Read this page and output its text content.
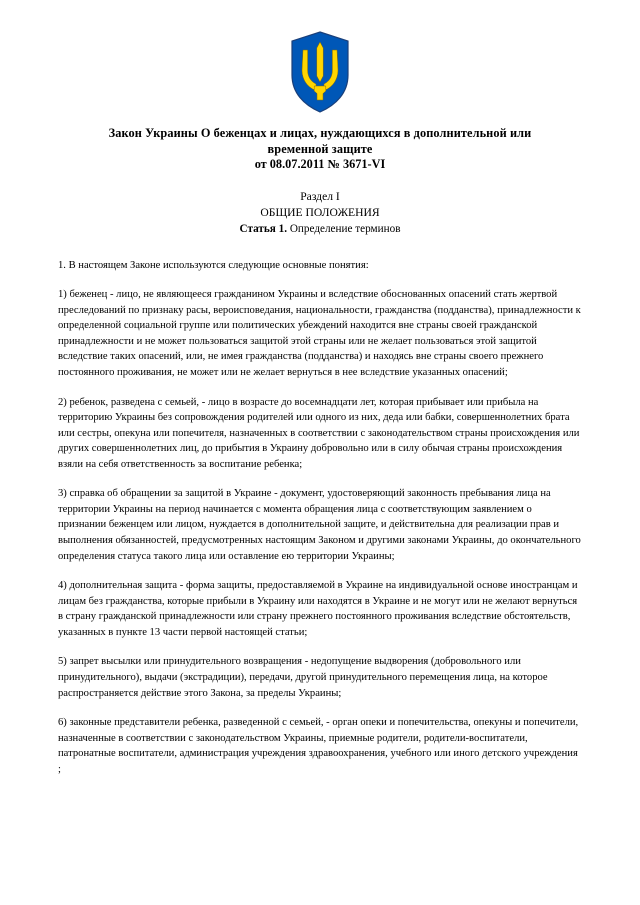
Закон Украины О беженцах и лицах, нуждающихся в дополнительной или
временной защите
от 08.07.2011 № 3671-VI
Раздел I
ОБЩИЕ ПОЛОЖЕНИЯ
Статья 1. Определение терминов

1. В настоящем Законе используются следующие основные понятия:

1) беженец - лицо, не являющееся гражданином Украины и вследствие обоснованных опасений стать жертвой преследований по признаку расы, вероисповедания, национальности, гражданства (подданства), принадлежности к определенной социальной группе или политических убеждений находится вне страны своей гражданской принадлежности и не может пользоваться защитой этой страны или не желает пользоваться этой защитой вследствие таких опасений, или, не имея гражданства (подданства) и находясь вне страны своего прежнего постоянного проживания, не может или не желает вернуться в нее вследствие указанных опасений;

2) ребенок, разведена с семьей, - лицо в возрасте до восемнадцати лет, которая прибывает или прибыла на территорию Украины без сопровождения родителей или одного из них, деда или бабки, совершеннолетних брата или сестры, опекуна или попечителя, назначенных в соответствии с законодательством страны происхождения или других совершеннолетних лиц, до прибытия в Украину добровольно или в силу обычая страны происхождения взяли на себя ответственность за воспитание ребенка;

3) справка об обращении за защитой в Украине - документ, удостоверяющий законность пребывания лица на территории Украины на период начинается с момента обращения лица с соответствующим заявлением о признании беженцем или лицом, нуждается в дополнительной защите, и действительна для реализации прав и выполнения обязанностей, предусмотренных настоящим Законом и другими законами Украины, до окончательного определения статуса такого лица или оставление ею территории Украины;

4) дополнительная защита - форма защиты, предоставляемой в Украине на индивидуальной основе иностранцам и лицам без гражданства, которые прибыли в Украину или находятся в Украине и не могут или не желают вернуться в страну гражданской принадлежности или страну прежнего постоянного проживания вследствие обстоятельств, указанных в пункте 13 части первой настоящей статьи;

5) запрет высылки или принудительного возвращения - недопущение выдворения (добровольного или принудительного), выдачи (экстрадиции), передачи, другой принудительного перемещения лица, на которое распространяется действие этого Закона, за пределы Украины;

6) законные представители ребенка, разведенной с семьей, - орган опеки и попечительства, опекуны и попечители, назначенные в соответствии с законодательством Украины, приемные родители, родители-воспитатели, патронатные воспитатели, администрация учреждения здравоохранения, учебного или иного детского учреждения ;
